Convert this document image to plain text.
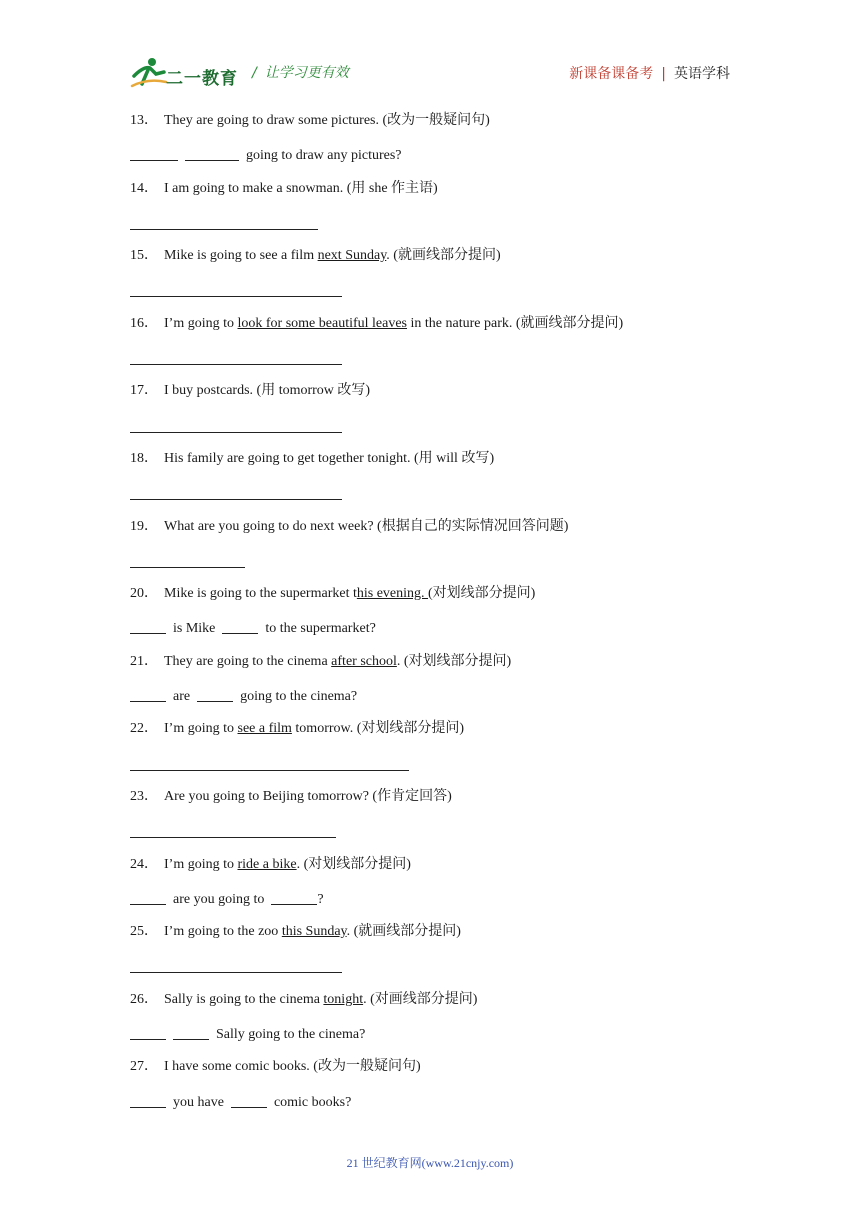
二一教育 / 让学习更有效	新课备课备考 | 英语学科
13． They are going to draw some pictures. (改为一般疑问句)
going to draw any pictures?
14． I am going to make a snowman. (用 she 作主语)
15． Mike is going to see a film next Sunday. (就画线部分提问)
16． I’m going to look for some beautiful leaves in the nature park. (就画线部分提问)
17． I buy postcards. (用 tomorrow 改写)
18． His family are going to get together tonight. (用 will 改写)
19． What are you going to do next week? (根据自己的实际情况回答问题)
20． Mike is going to the supermarket this evening. (对划线部分提问)
is Mike	to the supermarket?
21． They are going to the cinema after school. (对划线部分提问)
are	going to the cinema?
22． I’m going to see a film tomorrow. (对划线部分提问)
23． Are you going to Beijing tomorrow? (作肯定回答)
24． I’m going to ride a bike. (对划线部分提问)
are you going to	?
25． I’m going to the zoo this Sunday. (就画线部分提问)
26． Sally is going to the cinema tonight. (对画线部分提问)
Sally going to the cinema?
27． I have some comic books. (改为一般疑问句)
you have	comic books?
21 世纪教育网(www.21cnjy.com)
